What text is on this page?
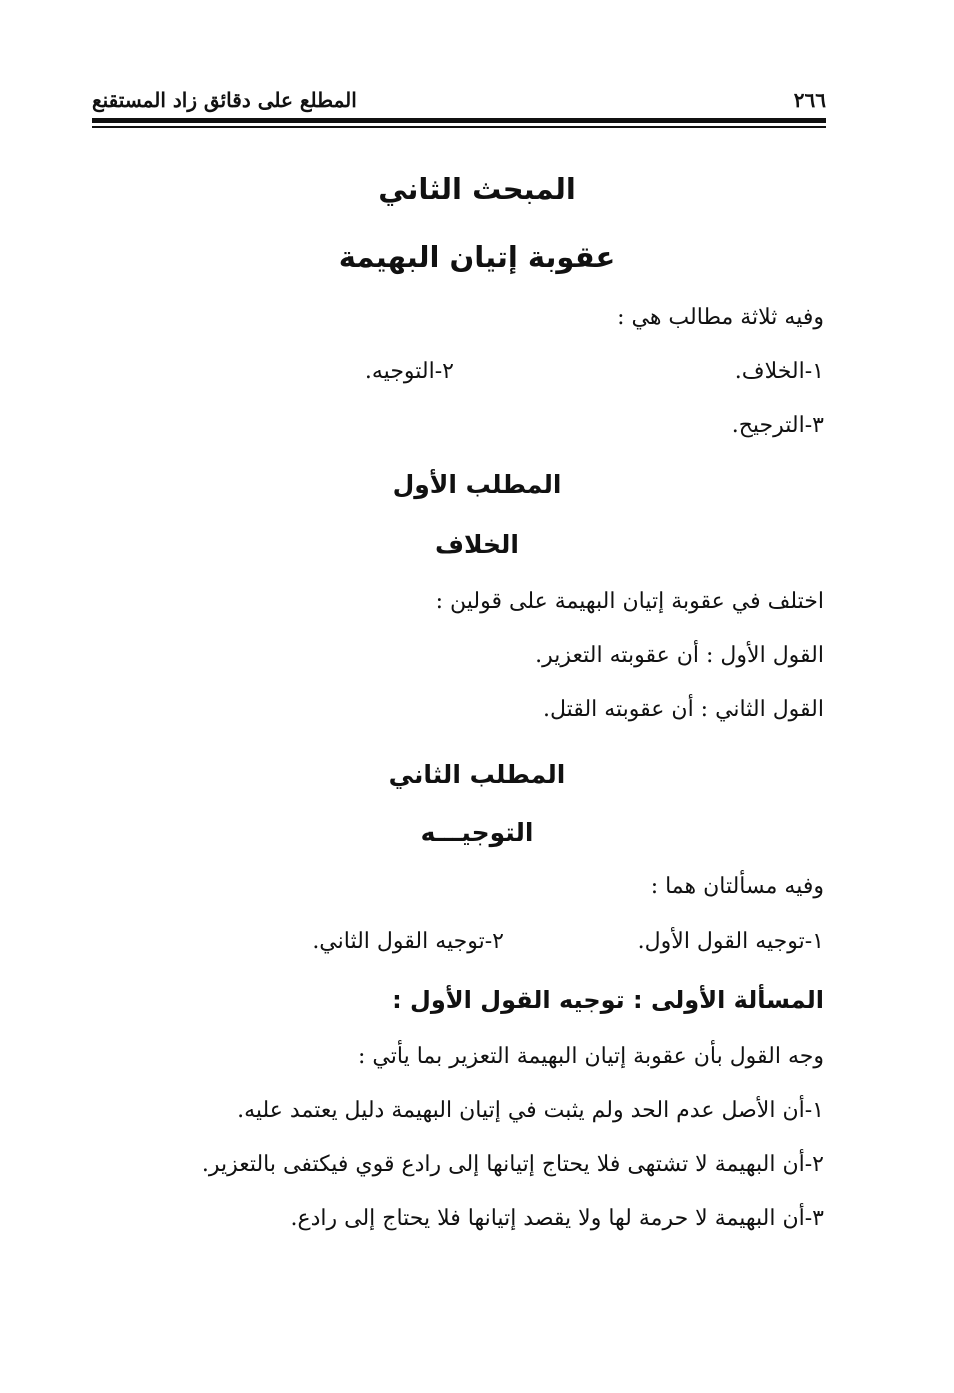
٢٦٦
المطلع على دقائق زاد المستقنع
المبحث الثاني
عقوبة إتيان البهيمة
وفيه ثلاثة مطالب هي :
١-الخلاف.
٢-التوجيه.
٣-الترجيح.
المطلب الأول
الخلاف
اختلف في عقوبة إتيان البهيمة على قولين :
القول الأول : أن عقوبته التعزير.
القول الثاني : أن عقوبته القتل.
المطلب الثاني
التوجيـــه
وفيه مسألتان هما :
١-توجيه القول الأول.
٢-توجيه القول الثاني.
المسألة الأولى : توجيه القول الأول :
وجه القول بأن عقوبة إتيان البهيمة التعزير بما يأتي :
١-أن الأصل عدم الحد ولم يثبت في إتيان البهيمة دليل يعتمد عليه.
٢-أن البهيمة لا تشتهى فلا يحتاج إتيانها إلى رادع قوي فيكتفى بالتعزير.
٣-أن البهيمة لا حرمة لها ولا يقصد إتيانها فلا يحتاج إلى رادع.
